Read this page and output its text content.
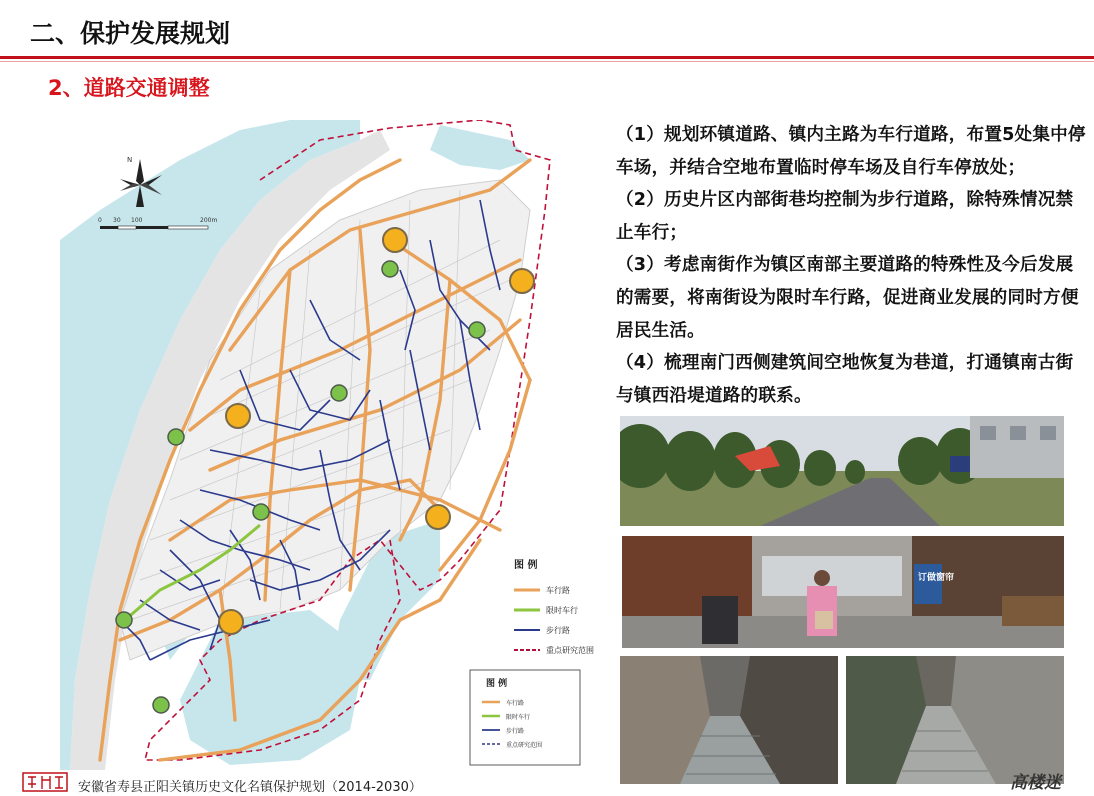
二、保护发展规划
2、道路交通调整
N
0 30 100	200m
图 例
车行路
限时车行
步行路
重点研究范围
图 例
车行路
限时车行
步行路
重点研究范围

（1）规划环镇道路、镇内主路为车行道路，布置5处集中停车场，并结合空地布置临时停车场及自行车停放处；

（2）历史片区内部街巷均控制为步行道路，除特殊情况禁止车行；

（3）考虑南街作为镇区南部主要道路的特殊性及今后发展的需要，将南街设为限时车行路，促进商业发展的同时方便居民生活。

（4）梳理南门西侧建筑间空地恢复为巷道，打通镇南古街与镇西沿堤道路的联系。

订做窗帘
安徽省寿县正阳关镇历史文化名镇保护规划（2014-2030）	高楼迷
